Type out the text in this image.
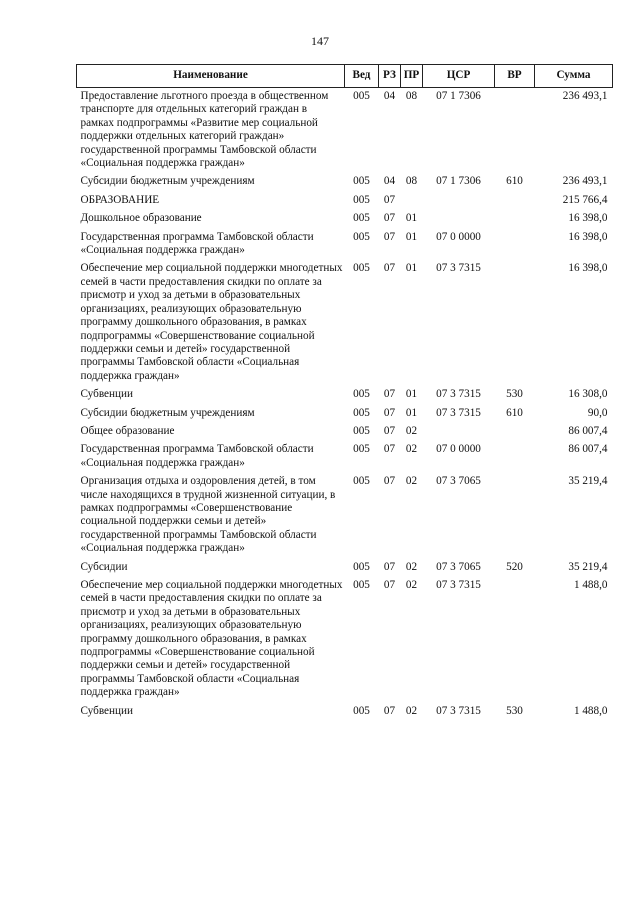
147
Наименование	Вед	РЗ	ПР	ЦСР	ВР	Сумма
Предоставление льготного проезда в общественном транспорте для отдельных категорий граждан в рамках подпрограммы «Развитие мер социальной поддержки отдельных категорий граждан» государственной программы Тамбовской области «Социальная поддержка граждан»	005	04	08	07 1 7306		236 493,1
Субсидии бюджетным учреждениям	005	04	08	07 1 7306	610	236 493,1
ОБРАЗОВАНИЕ	005	07				215 766,4
Дошкольное образование	005	07	01			16 398,0
Государственная программа Тамбовской области «Социальная поддержка граждан»	005	07	01	07 0 0000		16 398,0
Обеспечение мер социальной поддержки многодетных семей в части предоставления скидки по оплате за присмотр и уход за детьми в образовательных организациях, реализующих образовательную программу дошкольного образования, в рамках подпрограммы «Совершенствование социальной поддержки семьи и детей» государственной программы Тамбовской области «Социальная поддержка граждан»	005	07	01	07 3 7315		16 398,0
Субвенции	005	07	01	07 3 7315	530	16 308,0
Субсидии бюджетным учреждениям	005	07	01	07 3 7315	610	90,0
Общее образование	005	07	02			86 007,4
Государственная программа Тамбовской области «Социальная поддержка граждан»	005	07	02	07 0 0000		86 007,4
Организация отдыха и оздоровления детей, в том числе находящихся в трудной жизненной ситуации, в рамках подпрограммы «Совершенствование социальной поддержки семьи и детей» государственной программы Тамбовской области «Социальная поддержка граждан»	005	07	02	07 3 7065		35 219,4
Субсидии	005	07	02	07 3 7065	520	35 219,4
Обеспечение мер социальной поддержки многодетных семей в части предоставления скидки по оплате за присмотр и уход за детьми в образовательных организациях, реализующих образовательную программу дошкольного образования, в рамках подпрограммы «Совершенствование социальной поддержки семьи и детей» государственной программы Тамбовской области «Социальная поддержка граждан»	005	07	02	07 3 7315		1 488,0
Субвенции	005	07	02	07 3 7315	530	1 488,0
